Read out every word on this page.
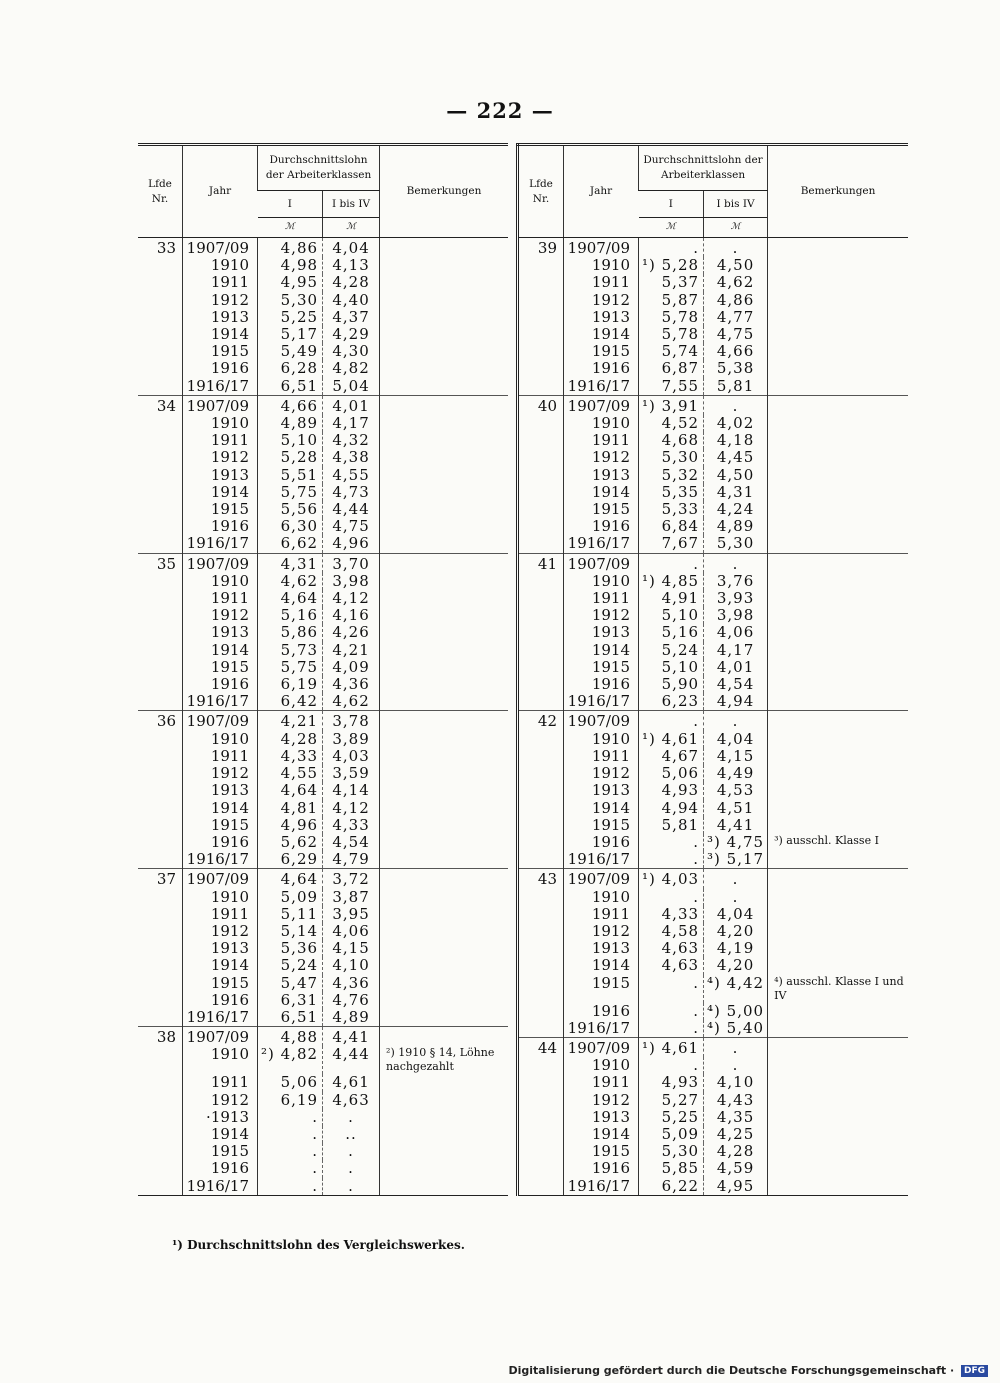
— 222 —
Lfde Nr.	Jahr	Durchschnittslohn der Arbeiterklassen		Bemerkungen
		I	I bis IV	
		ℳ	ℳ	
33	1907/09	4,86	4,04	
	1910	4,98	4,13	
	1911	4,95	4,28	
	1912	5,30	4,40	
	1913	5,25	4,37	
	1914	5,17	4,29	
	1915	5,49	4,30	
	1916	6,28	4,82	
	1916/17	6,51	5,04	
34	1907/09	4,66	4,01	
	1910	4,89	4,17	
	1911	5,10	4,32	
	1912	5,28	4,38	
	1913	5,51	4,55	
	1914	5,75	4,73	
	1915	5,56	4,44	
	1916	6,30	4,75	
	1916/17	6,62	4,96	
35	1907/09	4,31	3,70	
	1910	4,62	3,98	
	1911	4,64	4,12	
	1912	5,16	4,16	
	1913	5,86	4,26	
	1914	5,73	4,21	
	1915	5,75	4,09	
	1916	6,19	4,36	
	1916/17	6,42	4,62	
36	1907/09	4,21	3,78	
	1910	4,28	3,89	
	1911	4,33	4,03	
	1912	4,55	3,59	
	1913	4,64	4,14	
	1914	4,81	4,12	
	1915	4,96	4,33	
	1916	5,62	4,54	
	1916/17	6,29	4,79	
37	1907/09	4,64	3,72	
	1910	5,09	3,87	
	1911	5,11	3,95	
	1912	5,14	4,06	
	1913	5,36	4,15	
	1914	5,24	4,10	
	1915	5,47	4,36	
	1916	6,31	4,76	
	1916/17	6,51	4,89	
38	1907/09	4,88	4,41	
	1910	²) 4,82	4,44	²) 1910 § 14, Löhne nachgezahlt
	1911	5,06	4,61	
	1912	6,19	4,63	
	·1913	.	.	
	1914	.	..	
	1915	.	.	
	1916	.	.	
	1916/17	.	.	
Lfde Nr.	Jahr	Durchschnittslohn der Arbeiterklassen		Bemerkungen
		I	I bis IV	
		ℳ	ℳ	
39	1907/09	.	.	
	1910	¹) 5,28	4,50	
	1911	5,37	4,62	
	1912	5,87	4,86	
	1913	5,78	4,77	
	1914	5,78	4,75	
	1915	5,74	4,66	
	1916	6,87	5,38	
	1916/17	7,55	5,81	
40	1907/09	¹) 3,91	.	
	1910	4,52	4,02	
	1911	4,68	4,18	
	1912	5,30	4,45	
	1913	5,32	4,50	
	1914	5,35	4,31	
	1915	5,33	4,24	
	1916	6,84	4,89	
	1916/17	7,67	5,30	
41	1907/09	.	.	
	1910	¹) 4,85	3,76	
	1911	4,91	3,93	
	1912	5,10	3,98	
	1913	5,16	4,06	
	1914	5,24	4,17	
	1915	5,10	4,01	
	1916	5,90	4,54	
	1916/17	6,23	4,94	
42	1907/09	.	.	
	1910	¹) 4,61	4,04	
	1911	4,67	4,15	
	1912	5,06	4,49	
	1913	4,93	4,53	
	1914	4,94	4,51	
	1915	5,81	4,41	
	1916	.	³) 4,75	³) ausschl. Klasse I
	1916/17	.	³) 5,17	
43	1907/09	¹) 4,03	.	
	1910	.	.	
	1911	4,33	4,04	
	1912	4,58	4,20	
	1913	4,63	4,19	
	1914	4,63	4,20	
	1915	.	⁴) 4,42	⁴) ausschl. Klasse I und IV
	1916	.	⁴) 5,00	
	1916/17	.	⁴) 5,40	
44	1907/09	¹) 4,61	.	
	1910	.	.	
	1911	4,93	4,10	
	1912	5,27	4,43	
	1913	5,25	4,35	
	1914	5,09	4,25	
	1915	5,30	4,28	
	1916	5,85	4,59	
	1916/17	6,22	4,95	
¹) Durchschnittslohn des Vergleichswerkes.
Digitalisierung gefördert durch die Deutsche Forschungsgemeinschaft · DFG
